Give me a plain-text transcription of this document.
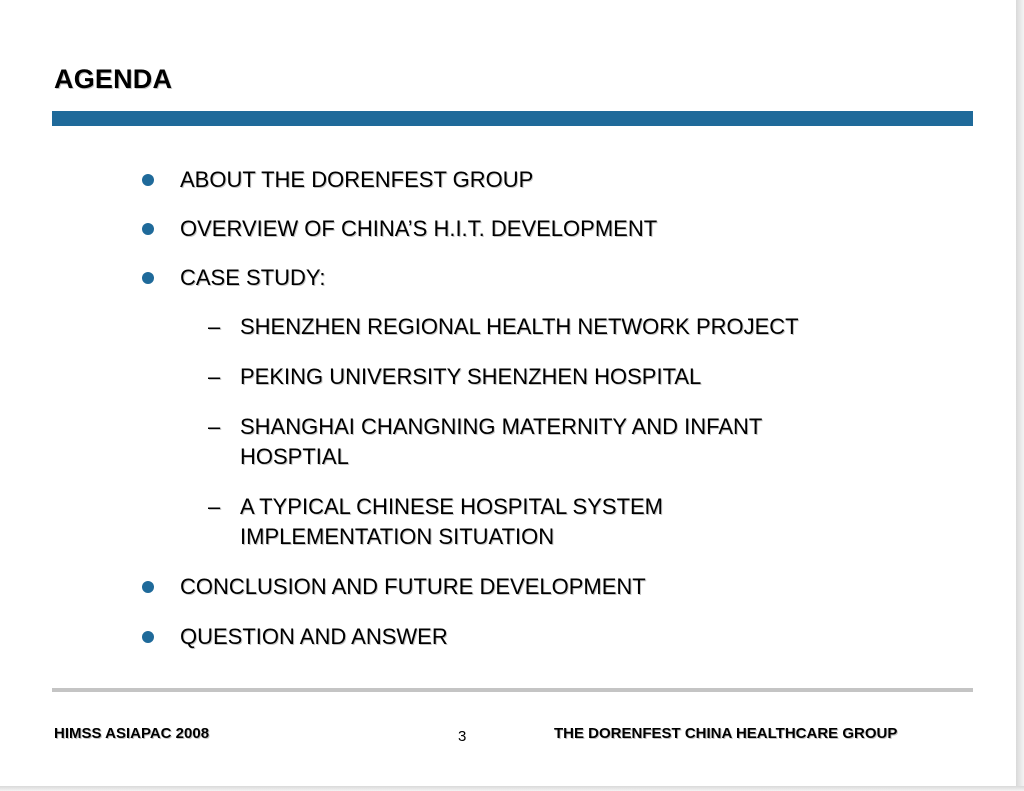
AGENDA
ABOUT THE DORENFEST GROUP
OVERVIEW OF CHINA’S H.I.T. DEVELOPMENT
CASE STUDY:
– SHENZHEN REGIONAL HEALTH NETWORK PROJECT
– PEKING UNIVERSITY SHENZHEN HOSPITAL
– SHANGHAI CHANGNING MATERNITY AND INFANT
HOSPTIAL
– A TYPICAL CHINESE HOSPITAL SYSTEM
IMPLEMENTATION SITUATION
CONCLUSION AND FUTURE DEVELOPMENT
QUESTION AND ANSWER
HIMSS ASIAPAC 2008	3	THE DORENFEST CHINA HEALTHCARE GROUP
